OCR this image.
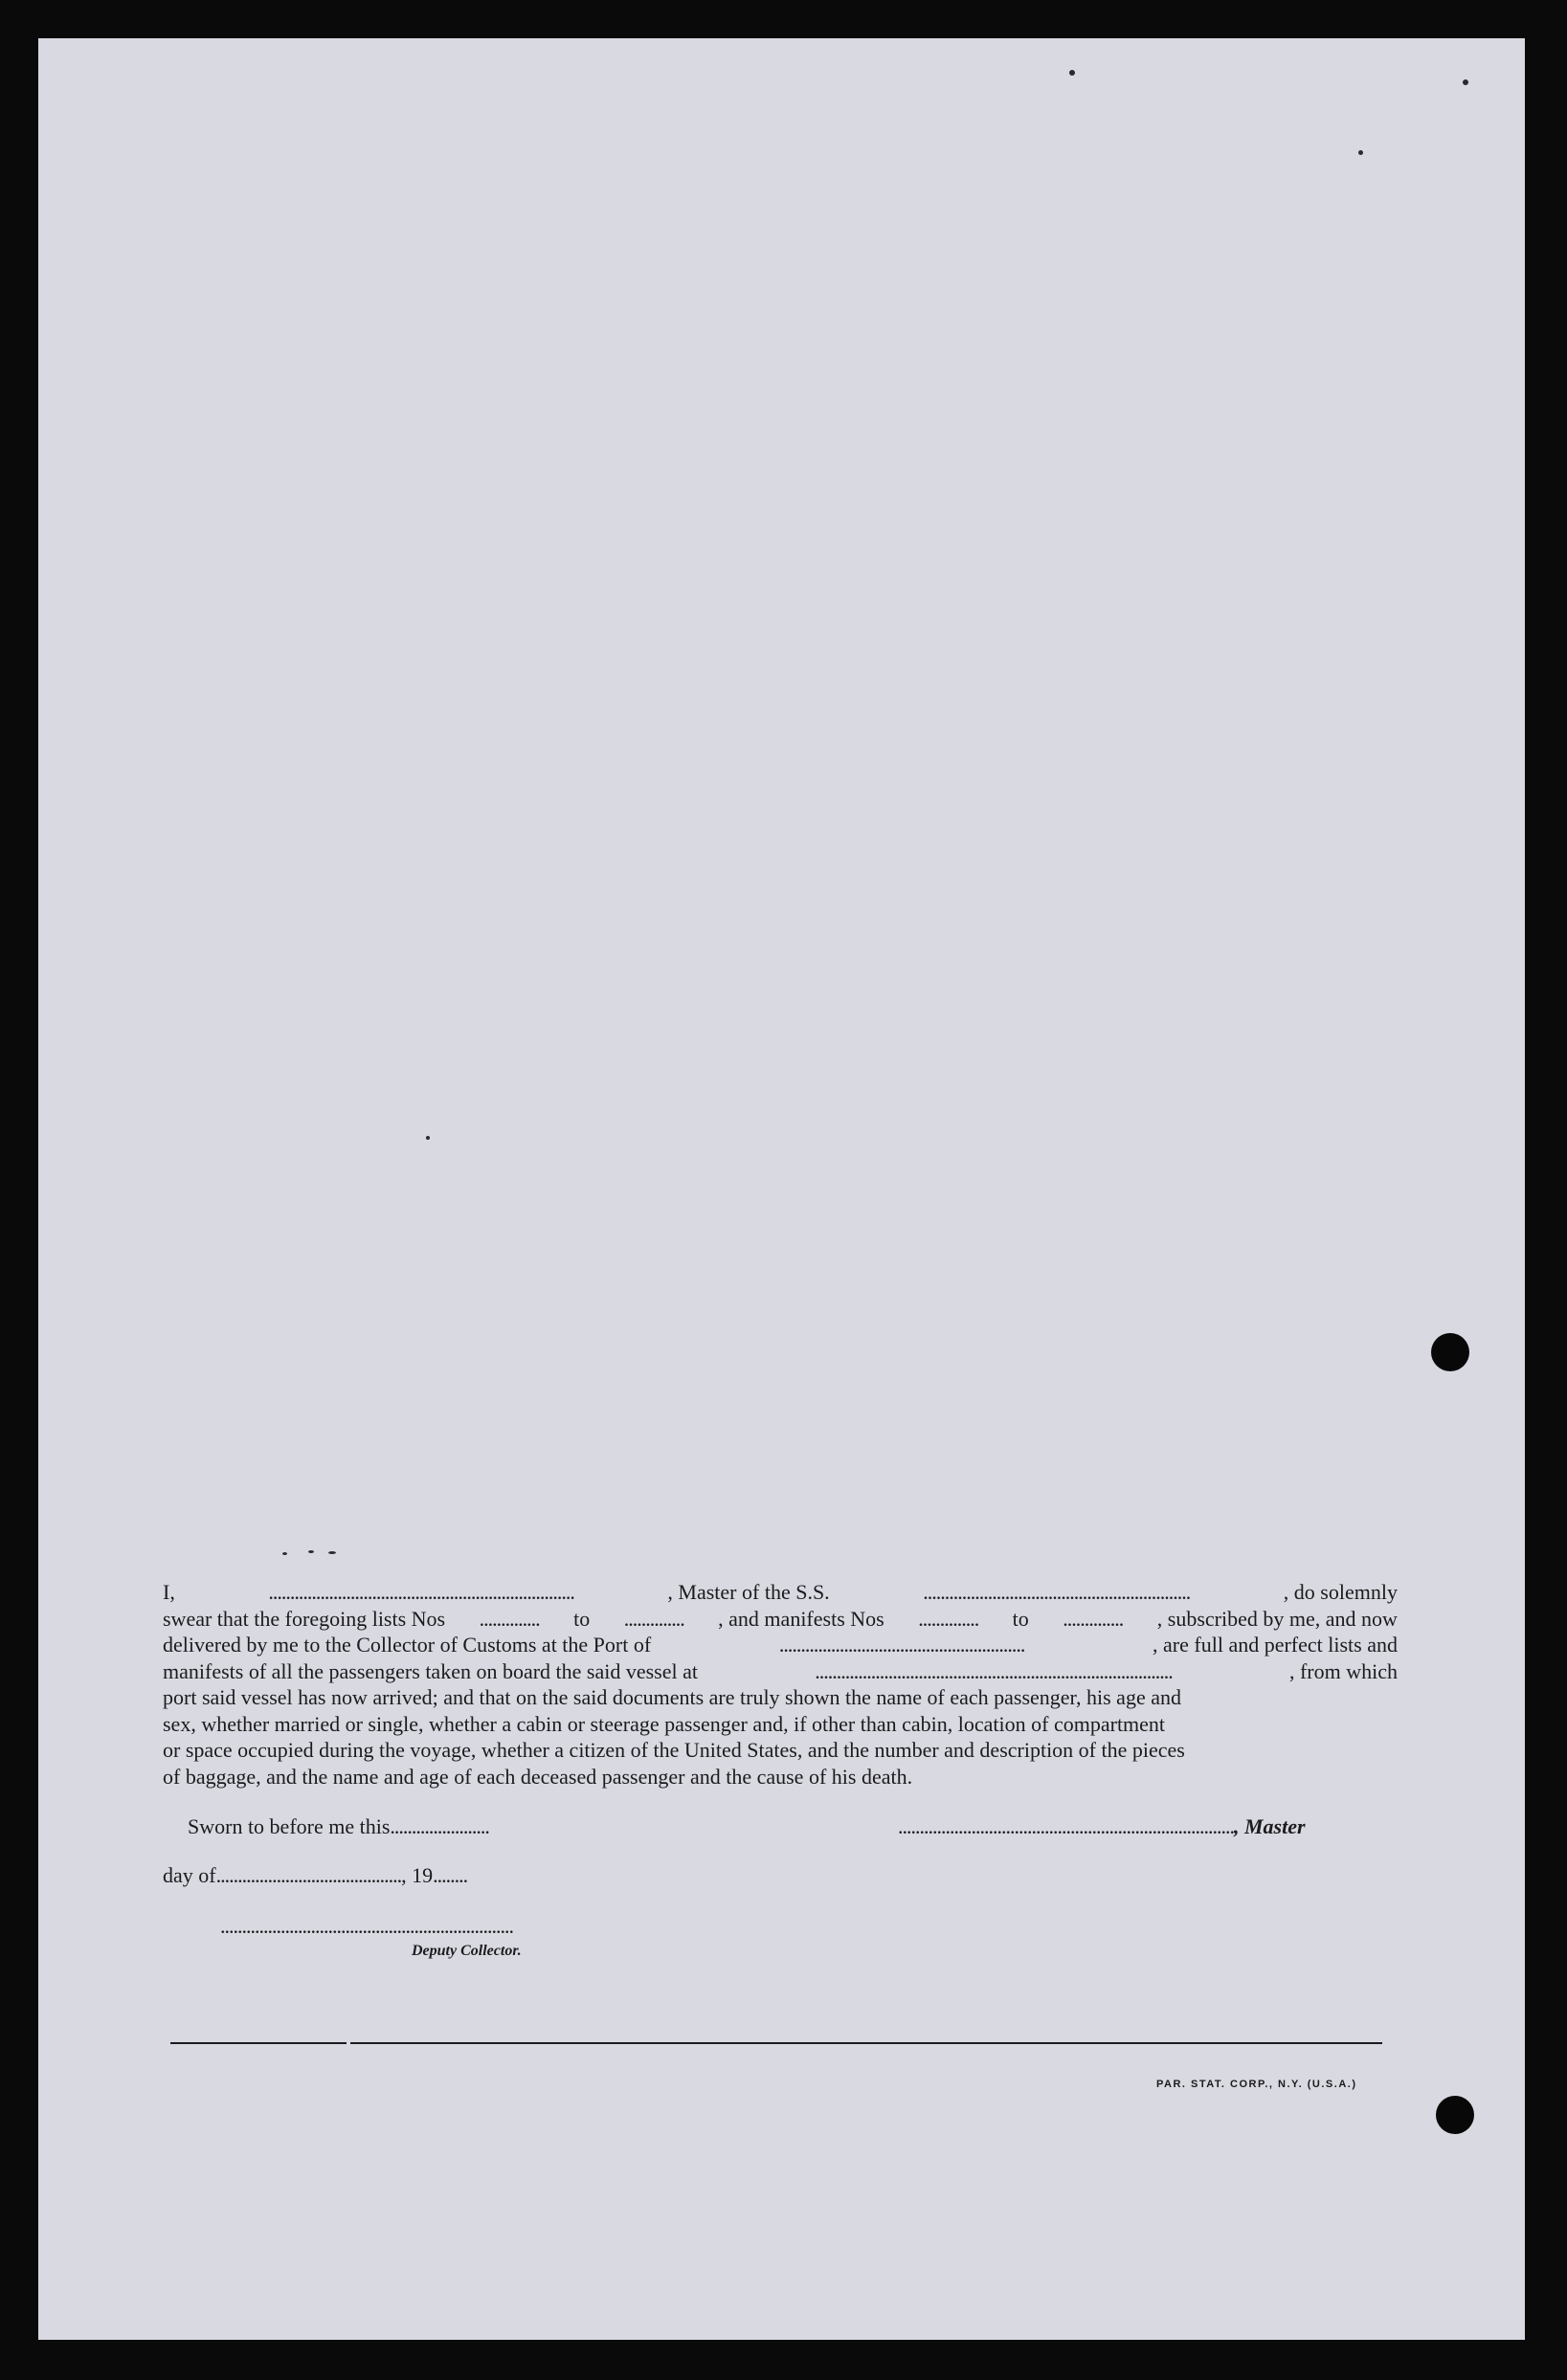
I,	.......................................................................	, Master of the S.S.	..............................................................	, do solemnly
swear that the foregoing lists Nos .............. to .............. , and manifests Nos .............. to .............. , subscribed by me, and now
delivered by me to the Collector of Customs at the Port of	.........................................................	, are full and perfect lists and
manifests of all the passengers taken on board the said vessel at	...................................................................................	, from which
port said vessel has now arrived; and that on the said documents are truly shown the name of each passenger, his age and
sex, whether married or single, whether a cabin or steerage passenger and, if other than cabin, location of compartment
or space occupied during the voyage, whether a citizen of the United States, and the number and description of the pieces
of baggage, and the name and age of each deceased passenger and the cause of his death.
Sworn to before me this.......................	.............................................................................., Master
day of..........................................., 19........
....................................................................
Deputy Collector.
PAR. STAT. CORP., N.Y. (U.S.A.)
